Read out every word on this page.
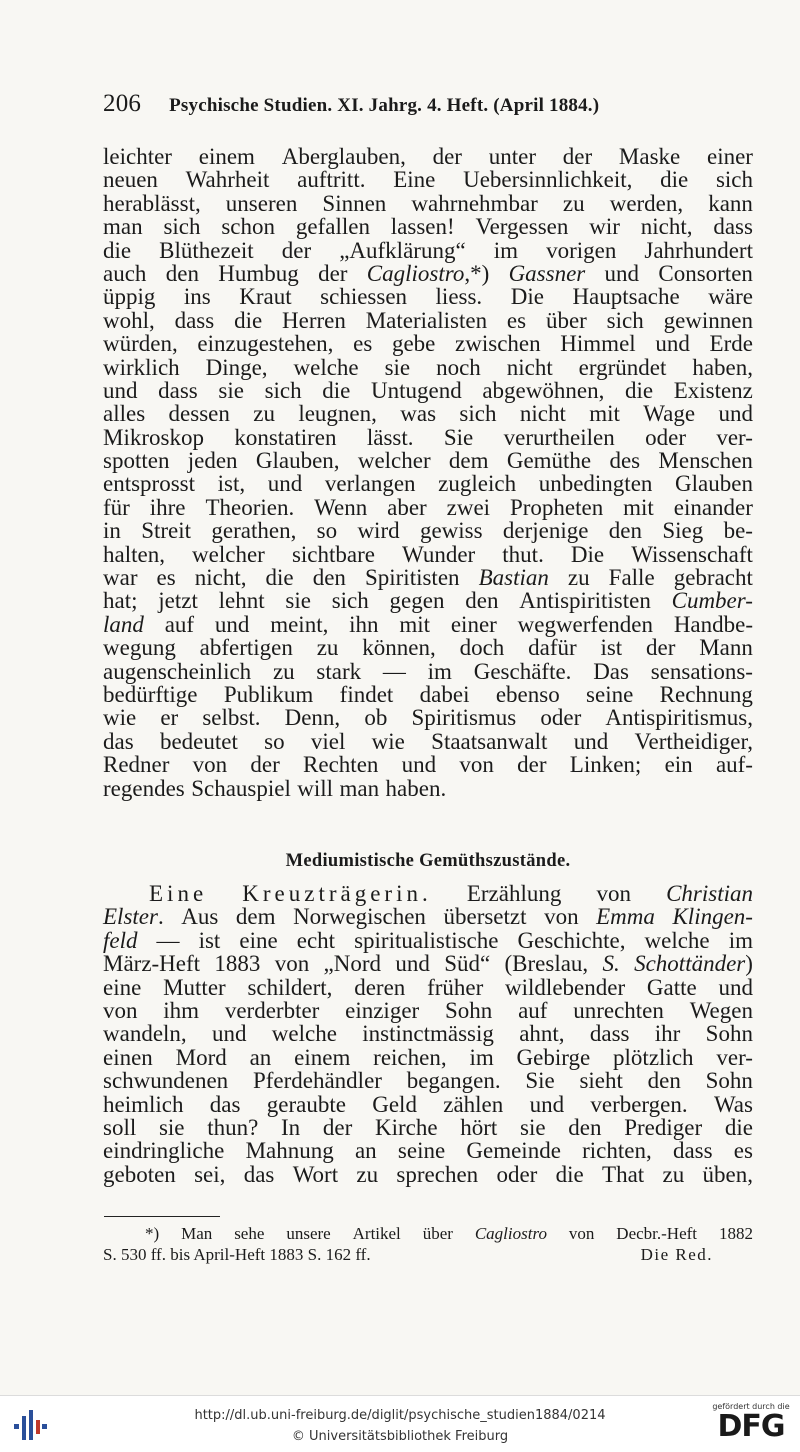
206 Psychische Studien. XI. Jahrg. 4. Heft. (April 1884.)
leichter einem Aberglauben, der unter der Maske einer
neuen Wahrheit auftritt. Eine Uebersinnlichkeit, die sich
herablässt, unseren Sinnen wahrnehmbar zu werden, kann
man sich schon gefallen lassen! Vergessen wir nicht, dass
die Blüthezeit der „Aufklärung“ im vorigen Jahrhundert
auch den Humbug der Cagliostro,*) Gassner und Consorten
üppig ins Kraut schiessen liess. Die Hauptsache wäre
wohl, dass die Herren Materialisten es über sich gewinnen
würden, einzugestehen, es gebe zwischen Himmel und Erde
wirklich Dinge, welche sie noch nicht ergründet haben,
und dass sie sich die Untugend abgewöhnen, die Existenz
alles dessen zu leugnen, was sich nicht mit Wage und
Mikroskop konstatiren lässt. Sie verurtheilen oder ver-
spotten jeden Glauben, welcher dem Gemüthe des Menschen
entsprosst ist, und verlangen zugleich unbedingten Glauben
für ihre Theorien. Wenn aber zwei Propheten mit einander
in Streit gerathen, so wird gewiss derjenige den Sieg be-
halten, welcher sichtbare Wunder thut. Die Wissenschaft
war es nicht, die den Spiritisten Bastian zu Falle gebracht
hat; jetzt lehnt sie sich gegen den Antispiritisten Cumber-
land auf und meint, ihn mit einer wegwerfenden Handbe-
wegung abfertigen zu können, doch dafür ist der Mann
augenscheinlich zu stark — im Geschäfte. Das sensations-
bedürftige Publikum findet dabei ebenso seine Rechnung
wie er selbst. Denn, ob Spiritismus oder Antispiritismus,
das bedeutet so viel wie Staatsanwalt und Vertheidiger,
Redner von der Rechten und von der Linken; ein auf-
regendes Schauspiel will man haben.
Eine Kreuzträgerin. Erzählung von Christian
Elster. Aus dem Norwegischen übersetzt von Emma Klingen-
feld — ist eine echt spiritualistische Geschichte, welche im
März-Heft 1883 von „Nord und Süd“ (Breslau, S. Schottänder)
eine Mutter schildert, deren früher wildlebender Gatte und
von ihm verderbter einziger Sohn auf unrechten Wegen
wandeln, und welche instinctmässig ahnt, dass ihr Sohn
einen Mord an einem reichen, im Gebirge plötzlich ver-
schwundenen Pferdehändler begangen. Sie sieht den Sohn
heimlich das geraubte Geld zählen und verbergen. Was
soll sie thun? In der Kirche hört sie den Prediger die
eindringliche Mahnung an seine Gemeinde richten, dass es
geboten sei, das Wort zu sprechen oder die That zu üben,
Mediumistische Gemüthszustände.
*) Man sehe unsere Artikel über Cagliostro von Decbr.-Heft 1882
S. 530 ff. bis April-Heft 1883 S. 162 ff.	Die Red.
http://dl.ub.uni-freiburg.de/diglit/psychische_studien1884/0214
© Universitätsbibliothek Freiburg
gefördert durch die
DFG
